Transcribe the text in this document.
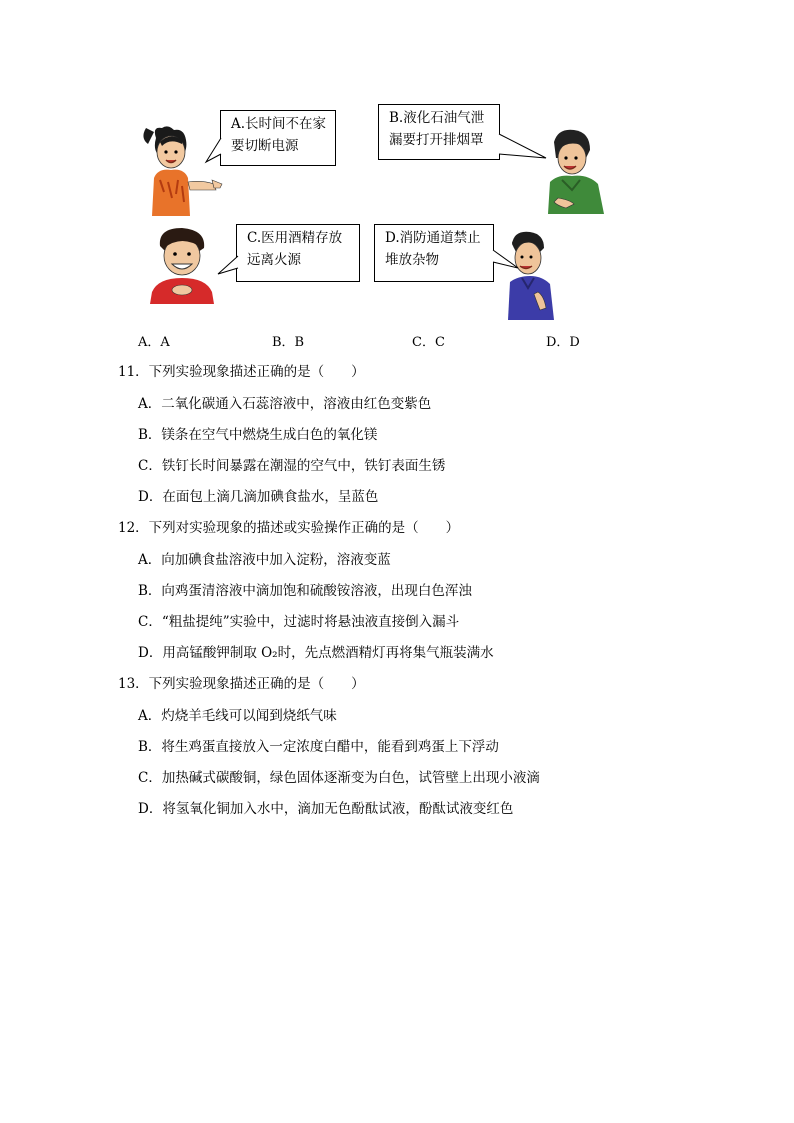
A.长时间不在家要切断电源
B.液化石油气泄漏要打开排烟罩
C.医用酒精存放远离火源
D.消防通道禁止堆放杂物
A．A	B．B	C．C	D．D
11．下列实验现象描述正确的是（　　）
A．二氧化碳通入石蕊溶液中，溶液由红色变紫色
B．镁条在空气中燃烧生成白色的氧化镁
C．铁钉长时间暴露在潮湿的空气中，铁钉表面生锈
D．在面包上滴几滴加碘食盐水，呈蓝色
12．下列对实验现象的描述或实验操作正确的是（　　）
A．向加碘食盐溶液中加入淀粉，溶液变蓝
B．向鸡蛋清溶液中滴加饱和硫酸铵溶液，出现白色浑浊
C．“粗盐提纯”实验中，过滤时将悬浊液直接倒入漏斗
D．用高锰酸钾制取 O₂时，先点燃酒精灯再将集气瓶装满水
13．下列实验现象描述正确的是（　　）
A．灼烧羊毛线可以闻到烧纸气味
B．将生鸡蛋直接放入一定浓度白醋中，能看到鸡蛋上下浮动
C．加热碱式碳酸铜，绿色固体逐渐变为白色，试管壁上出现小液滴
D．将氢氧化铜加入水中，滴加无色酚酞试液，酚酞试液变红色
